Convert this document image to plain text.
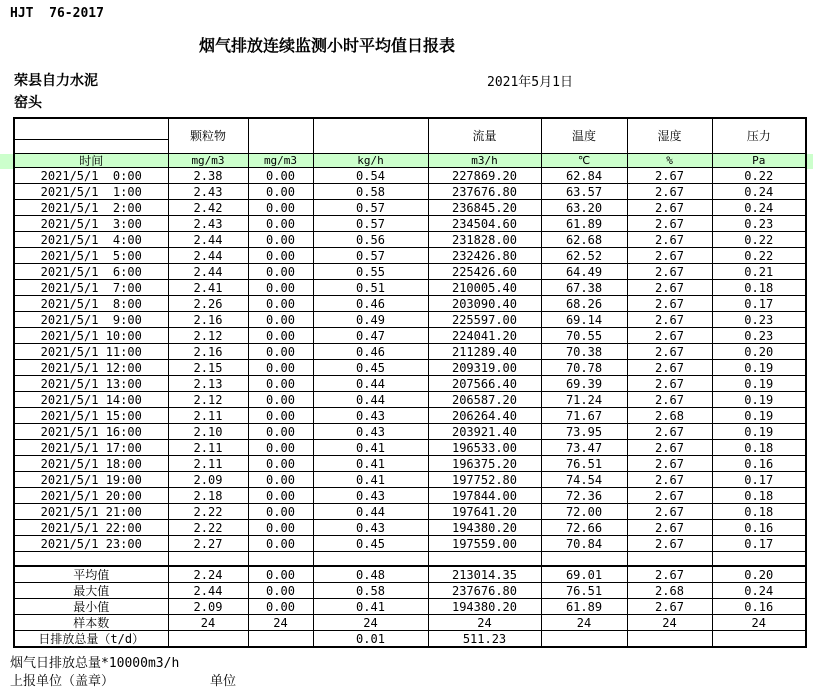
HJT  76-2017
烟气排放连续监测小时平均值日报表
荣县自力水泥	2021年5月1日
窑头
	颗粒物			流量	温度	湿度	压力

时间	mg/m3	mg/m3	kg/h	m3/h	℃	%	Pa
2021/5/1  0:00	2.38	0.00	0.54	227869.20	62.84	2.67	0.22
2021/5/1  1:00	2.43	0.00	0.58	237676.80	63.57	2.67	0.24
2021/5/1  2:00	2.42	0.00	0.57	236845.20	63.20	2.67	0.24
2021/5/1  3:00	2.43	0.00	0.57	234504.60	61.89	2.67	0.23
2021/5/1  4:00	2.44	0.00	0.56	231828.00	62.68	2.67	0.22
2021/5/1  5:00	2.44	0.00	0.57	232426.80	62.52	2.67	0.22
2021/5/1  6:00	2.44	0.00	0.55	225426.60	64.49	2.67	0.21
2021/5/1  7:00	2.41	0.00	0.51	210005.40	67.38	2.67	0.18
2021/5/1  8:00	2.26	0.00	0.46	203090.40	68.26	2.67	0.17
2021/5/1  9:00	2.16	0.00	0.49	225597.00	69.14	2.67	0.23
2021/5/1 10:00	2.12	0.00	0.47	224041.20	70.55	2.67	0.23
2021/5/1 11:00	2.16	0.00	0.46	211289.40	70.38	2.67	0.20
2021/5/1 12:00	2.15	0.00	0.45	209319.00	70.78	2.67	0.19
2021/5/1 13:00	2.13	0.00	0.44	207566.40	69.39	2.67	0.19
2021/5/1 14:00	2.12	0.00	0.44	206587.20	71.24	2.67	0.19
2021/5/1 15:00	2.11	0.00	0.43	206264.40	71.67	2.68	0.19
2021/5/1 16:00	2.10	0.00	0.43	203921.40	73.95	2.67	0.19
2021/5/1 17:00	2.11	0.00	0.41	196533.00	73.47	2.67	0.18
2021/5/1 18:00	2.11	0.00	0.41	196375.20	76.51	2.67	0.16
2021/5/1 19:00	2.09	0.00	0.41	197752.80	74.54	2.67	0.17
2021/5/1 20:00	2.18	0.00	0.43	197844.00	72.36	2.67	0.18
2021/5/1 21:00	2.22	0.00	0.44	197641.20	72.00	2.67	0.18
2021/5/1 22:00	2.22	0.00	0.43	194380.20	72.66	2.67	0.16
2021/5/1 23:00	2.27	0.00	0.45	197559.00	70.84	2.67	0.17

平均值	2.24	0.00	0.48	213014.35	69.01	2.67	0.20
最大值	2.44	0.00	0.58	237676.80	76.51	2.68	0.24
最小值	2.09	0.00	0.41	194380.20	61.89	2.67	0.16
样本数	24	24	24	24	24	24	24
日排放总量（t/d）			0.01	511.23			
烟气日排放总量*10000m3/h
上报单位（盖章）	单位
